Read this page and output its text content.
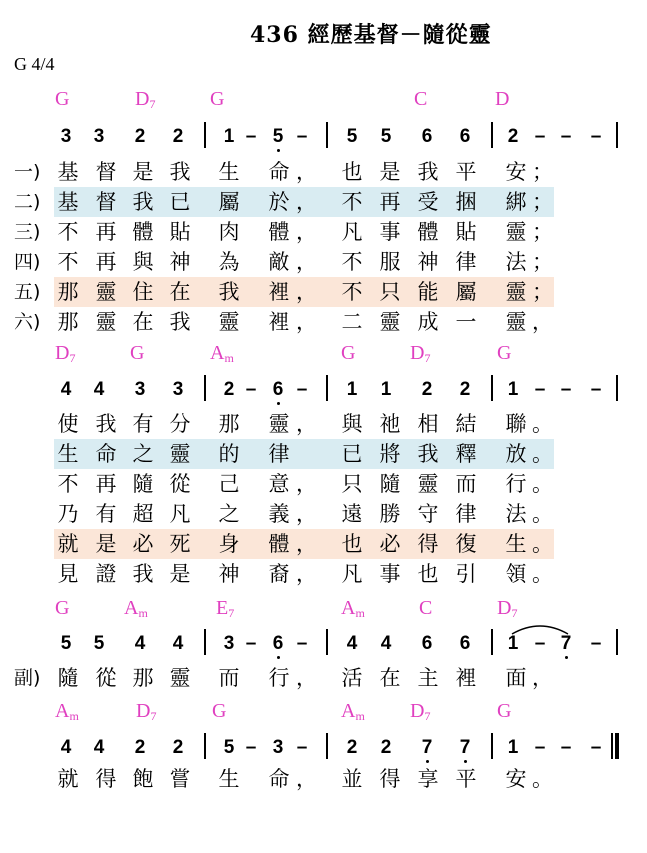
436 經歷基督－隨從靈
G 4/4
G	$D_7$	G	C	D
3 3 2 2 1 – 5 – 5 5 6 6 2 – – –
一) 基 督 是 我 生 命 ， 也 是 我 平 安 ；
二) 基 督 我 已 屬 於 ， 不 再 受 捆 綁 ；
三) 不 再 體 貼 肉 體 ， 凡 事 體 貼 靈 ；
四) 不 再 與 神 為 敵 ， 不 服 神 律 法 ；
五) 那 靈 住 在 我 裡 ， 不 只 能 屬 靈 ；
六) 那 靈 在 我 靈 裡 ， 二 靈 成 一 靈 ，
$D_7$	G	$A_m$	G	$D_7$	G
4 4 3 3 2 – 6 – 1 1 2 2 1 – – –
使 我 有 分 那 靈 ， 與 祂 相 結 聯 。
生 命 之 靈 的 律 已 將 我 釋 放 。
不 再 隨 從 己 意 ， 只 隨 靈 而 行 。
乃 有 超 凡 之 義 ， 遠 勝 守 律 法 。
就 是 必 死 身 體 ， 也 必 得 復 生 。
見 證 我 是 神 裔 ， 凡 事 也 引 領 。
G	$A_m$	$E_7$	$A_m$	C	$D_7$
5 5 4 4 3 – 6 – 4 4 6 6 1 – 7 –
副) 隨 從 那 靈 而 行 ， 活 在 主 裡 面 ，
$A_m$	$D_7$	G	$A_m$ $D_7$	G
4 4 2 2 5 – 3 – 2 2 7 7 1 – – –
就 得 飽 嘗 生 命 ， 並 得 享 平 安 。
